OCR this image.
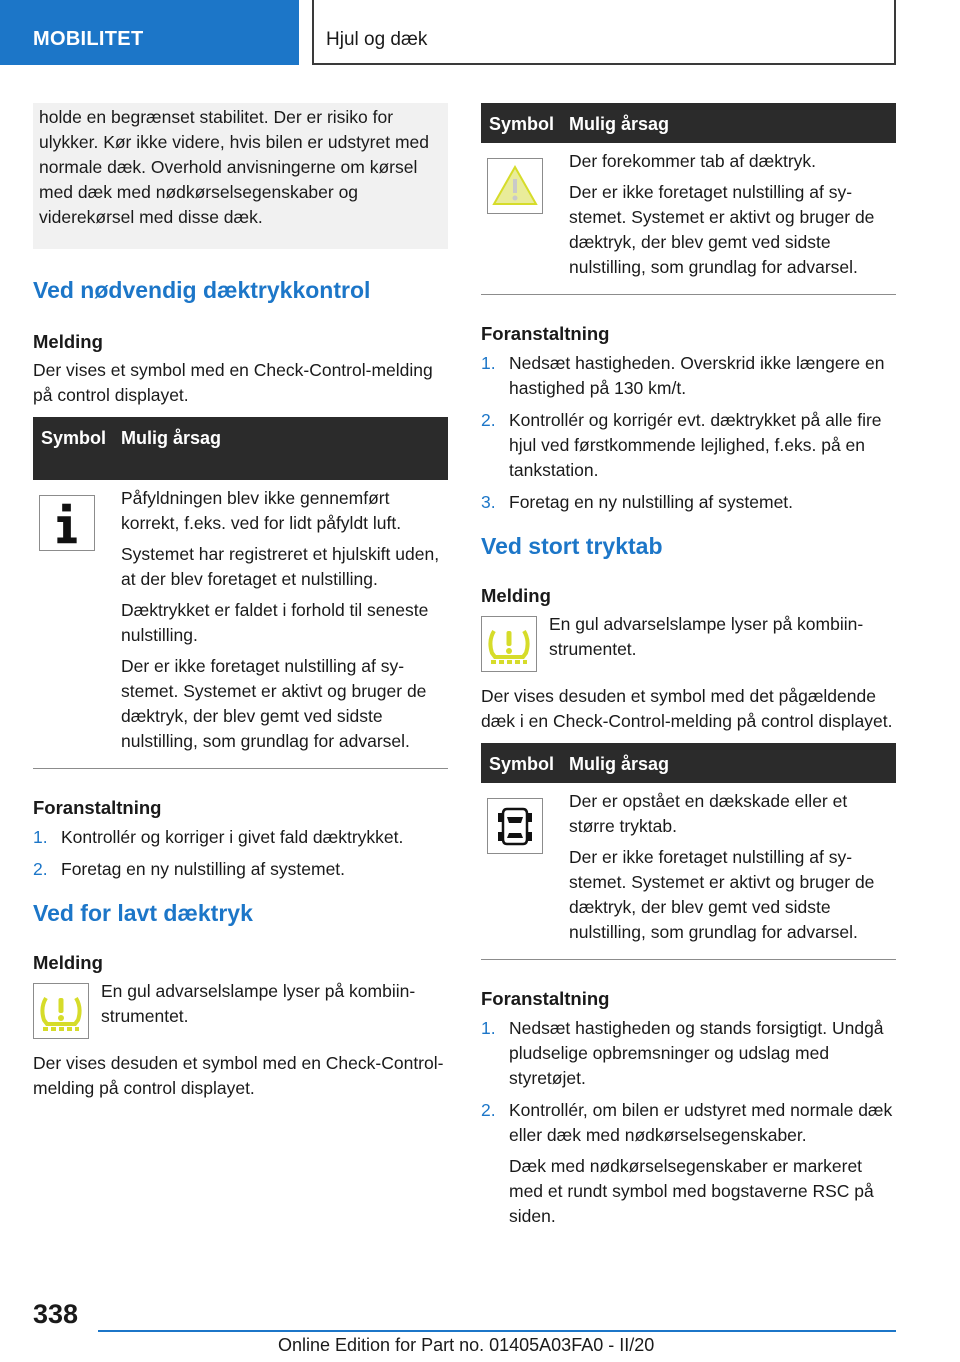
MOBILITET	Hjul og dæk
holde en begrænset stabilitet. Der er risiko for ulykker. Kør ikke videre, hvis bilen er udstyret med normale dæk. Overhold anvisningerne om kørsel med dæk med nødkørselsegenskaber og viderekørsel med disse dæk.
Ved nødvendig dæktrykkontrol
Melding
Der vises et symbol med en Check-Control-melding på control displayet.
Symbol Mulig årsag
Påfyldningen blev ikke gennemført korrekt, f.eks. ved for lidt påfyldt luft.
Systemet har registreret et hjulskift uden, at der blev foretaget et nulstilling.
Dæktrykket er faldet i forhold til seneste nulstilling.
Der er ikke foretaget nulstilling af systemet. Systemet er aktivt og bruger de dæktryk, der blev gemt ved sidste nulstilling, som grundlag for advarsel.
Foranstaltning
1. Kontrollér og korriger i givet fald dæktrykket.
2. Foretag en ny nulstilling af systemet.
Ved for lavt dæktryk
Melding
En gul advarselslampe lyser på kombiinstrumentet.
Der vises desuden et symbol med en Check-Control-melding på control displayet.
Symbol Mulig årsag
Der forekommer tab af dæktryk.
Der er ikke foretaget nulstilling af systemet. Systemet er aktivt og bruger de dæktryk, der blev gemt ved sidste nulstilling, som grundlag for advarsel.
Foranstaltning
1. Nedsæt hastigheden. Overskrid ikke længere en hastighed på 130 km/t.
2. Kontrollér og korrigér evt. dæktrykket på alle fire hjul ved førstkommende lejlighed, f.eks. på en tankstation.
3. Foretag en ny nulstilling af systemet.
Ved stort tryktab
Melding
En gul advarselslampe lyser på kombiinstrumentet.
Der vises desuden et symbol med det pågældende dæk i en Check-Control-melding på control displayet.
Symbol Mulig årsag
Der er opstået en dækskade eller et større tryktab.
Der er ikke foretaget nulstilling af systemet. Systemet er aktivt og bruger de dæktryk, der blev gemt ved sidste nulstilling, som grundlag for advarsel.
Foranstaltning
1. Nedsæt hastigheden og stands forsigtigt. Undgå pludselige opbremsninger og udslag med styretøjet.
2. Kontrollér, om bilen er udstyret med normale dæk eller dæk med nødkørselsegenskaber.
Dæk med nødkørselsegenskaber er markeret med et rundt symbol med bogstaverne RSC på siden.
338
Online Edition for Part no. 01405A03FA0 - II/20
